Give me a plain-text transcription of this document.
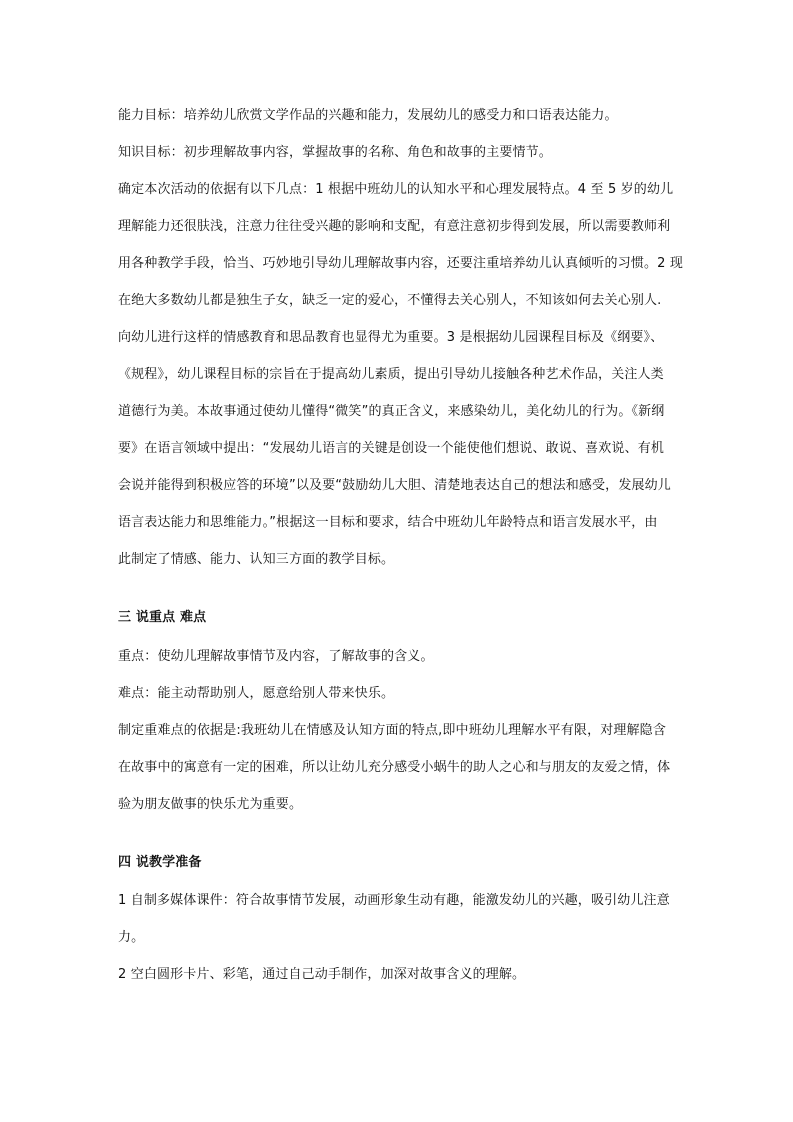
能力目标：培养幼儿欣赏文学作品的兴趣和能力，发展幼儿的感受力和口语表达能力。
知识目标：初步理解故事内容，掌握故事的名称、角色和故事的主要情节。
确定本次活动的依据有以下几点：1 根据中班幼儿的认知水平和心理发展特点。4 至 5 岁的幼儿
理解能力还很肤浅，注意力往往受兴趣的影响和支配，有意注意初步得到发展，所以需要教师利
用各种教学手段，恰当、巧妙地引导幼儿理解故事内容，还要注重培养幼儿认真倾听的习惯。2 现
在绝大多数幼儿都是独生子女，缺乏一定的爱心，不懂得去关心别人，不知该如何去关心别人.
向幼儿进行这样的情感教育和思品教育也显得尤为重要。3 是根据幼儿园课程目标及《纲要》、
《规程》，幼儿课程目标的宗旨在于提高幼儿素质，提出引导幼儿接触各种艺术作品，关注人类
道德行为美。本故事通过使幼儿懂得“微笑”的真正含义，来感染幼儿，美化幼儿的行为。《新纲
要》在语言领域中提出：“发展幼儿语言的关键是创设一个能使他们想说、敢说、喜欢说、有机
会说并能得到积极应答的环境”以及要“鼓励幼儿大胆、清楚地表达自己的想法和感受，发展幼儿
语言表达能力和思维能力。”根据这一目标和要求，结合中班幼儿年龄特点和语言发展水平，由
此制定了情感、能力、认知三方面的教学目标。
三 说重点 难点
重点：使幼儿理解故事情节及内容，了解故事的含义。
难点：能主动帮助别人，愿意给别人带来快乐。
制定重难点的依据是:我班幼儿在情感及认知方面的特点,即中班幼儿理解水平有限，对理解隐含
在故事中的寓意有一定的困难，所以让幼儿充分感受小蜗牛的助人之心和与朋友的友爱之情，体
验为朋友做事的快乐尤为重要。
四 说教学准备
1 自制多媒体课件：符合故事情节发展，动画形象生动有趣，能激发幼儿的兴趣，吸引幼儿注意
力。
2 空白圆形卡片、彩笔，通过自己动手制作，加深对故事含义的理解。
